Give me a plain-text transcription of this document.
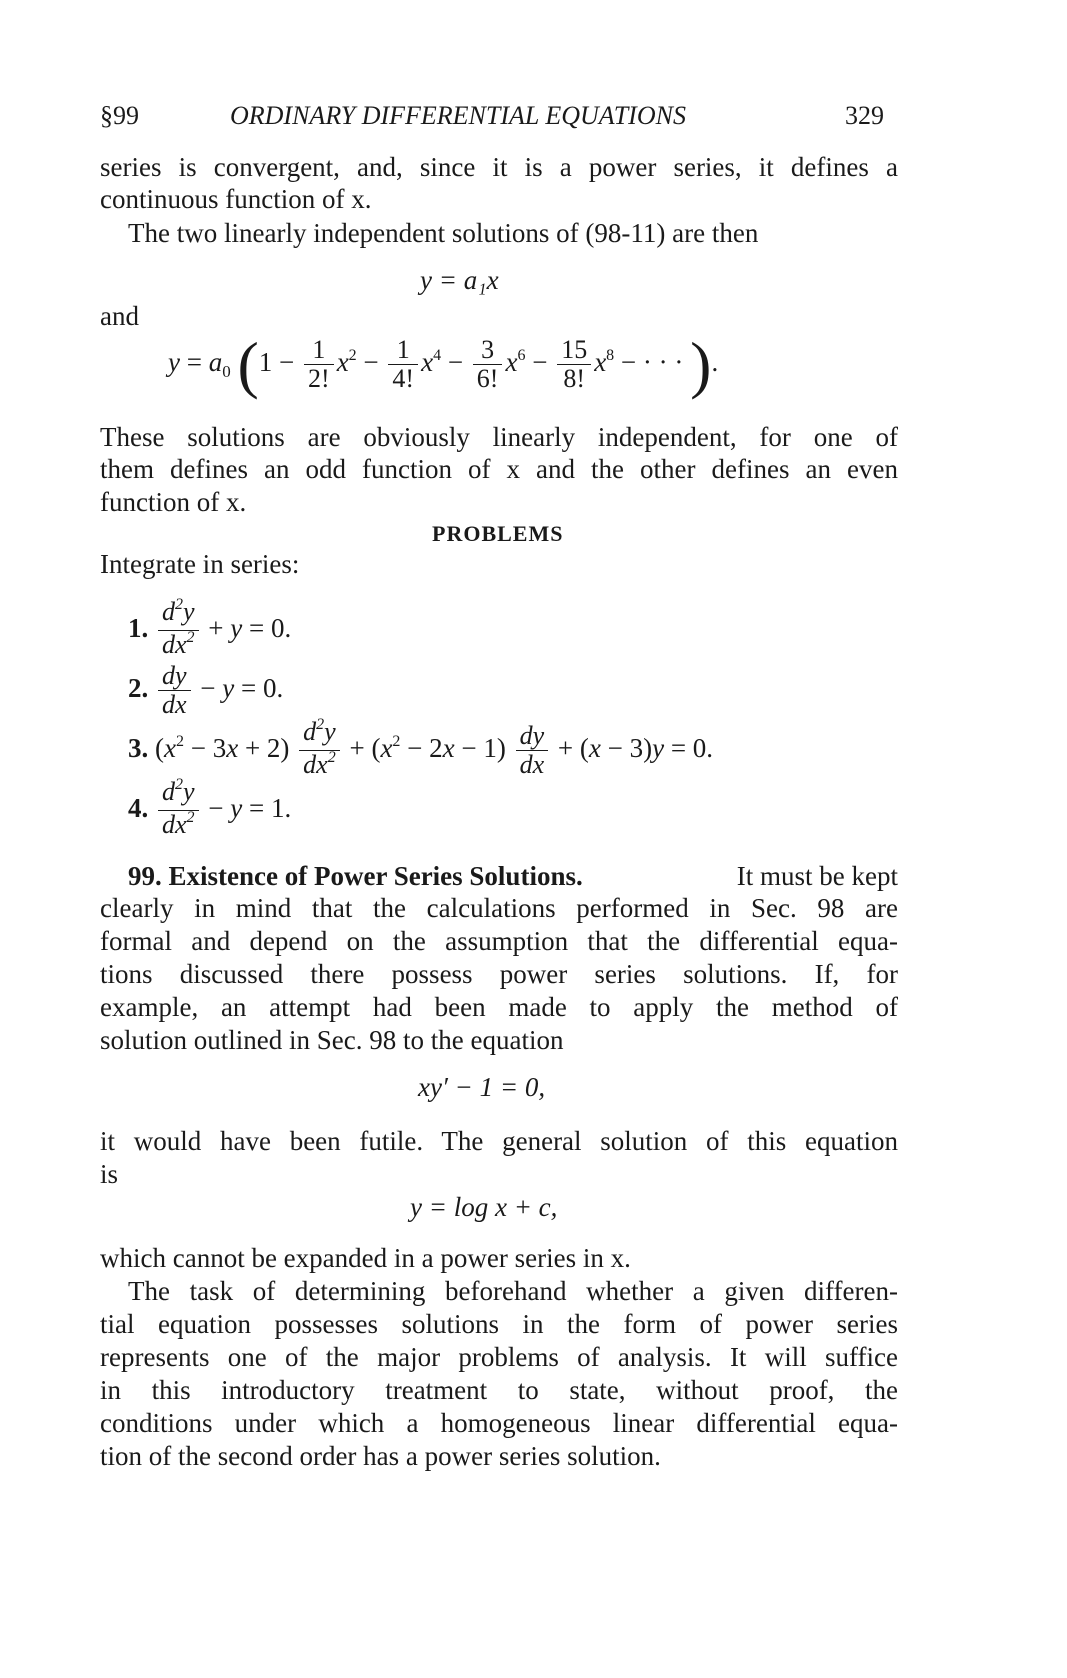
§99	ORDINARY DIFFERENTIAL EQUATIONS	329
series is convergent, and, since it is a power series, it defines a
continuous function of x.
The two linearly independent solutions of (98-11) are then
y = a₁x
and
$y = a_0$ ($1 - \frac{1}{2!} x^2 - \frac{1}{4!} x^4 - \frac{3}{6!} x^6 - \frac{15}{8!} x^8$ − · · · ).
These solutions are obviously linearly independent, for one of
them defines an odd function of x and the other defines an even
function of x.
PROBLEMS
Integrate in series:
1. $\frac{d^2y}{dx^2} + y = 0$.
2. $\frac{dy}{dx} - y = 0$.
3. $(x^2 - 3x + 2) \frac{d^2y}{dx^2} + (x^2 - 2x - 1) \frac{dy}{dx} + (x - 3)y = 0$.
4. $\frac{d^2y}{dx^2} - y = 1$.
99. Existence of Power Series Solutions.	It must be kept
clearly in mind that the calculations performed in Sec. 98 are
formal and depend on the assumption that the differential equa-
tions discussed there possess power series solutions. If, for
example, an attempt had been made to apply the method of
solution outlined in Sec. 98 to the equation
xy′ − 1 = 0,
it would have been futile. The general solution of this equation
is
y = log x + c,
which cannot be expanded in a power series in x.
The task of determining beforehand whether a given differen-
tial equation possesses solutions in the form of power series
represents one of the major problems of analysis. It will suffice
in this introductory treatment to state, without proof, the
conditions under which a homogeneous linear differential equa-
tion of the second order has a power series solution.
